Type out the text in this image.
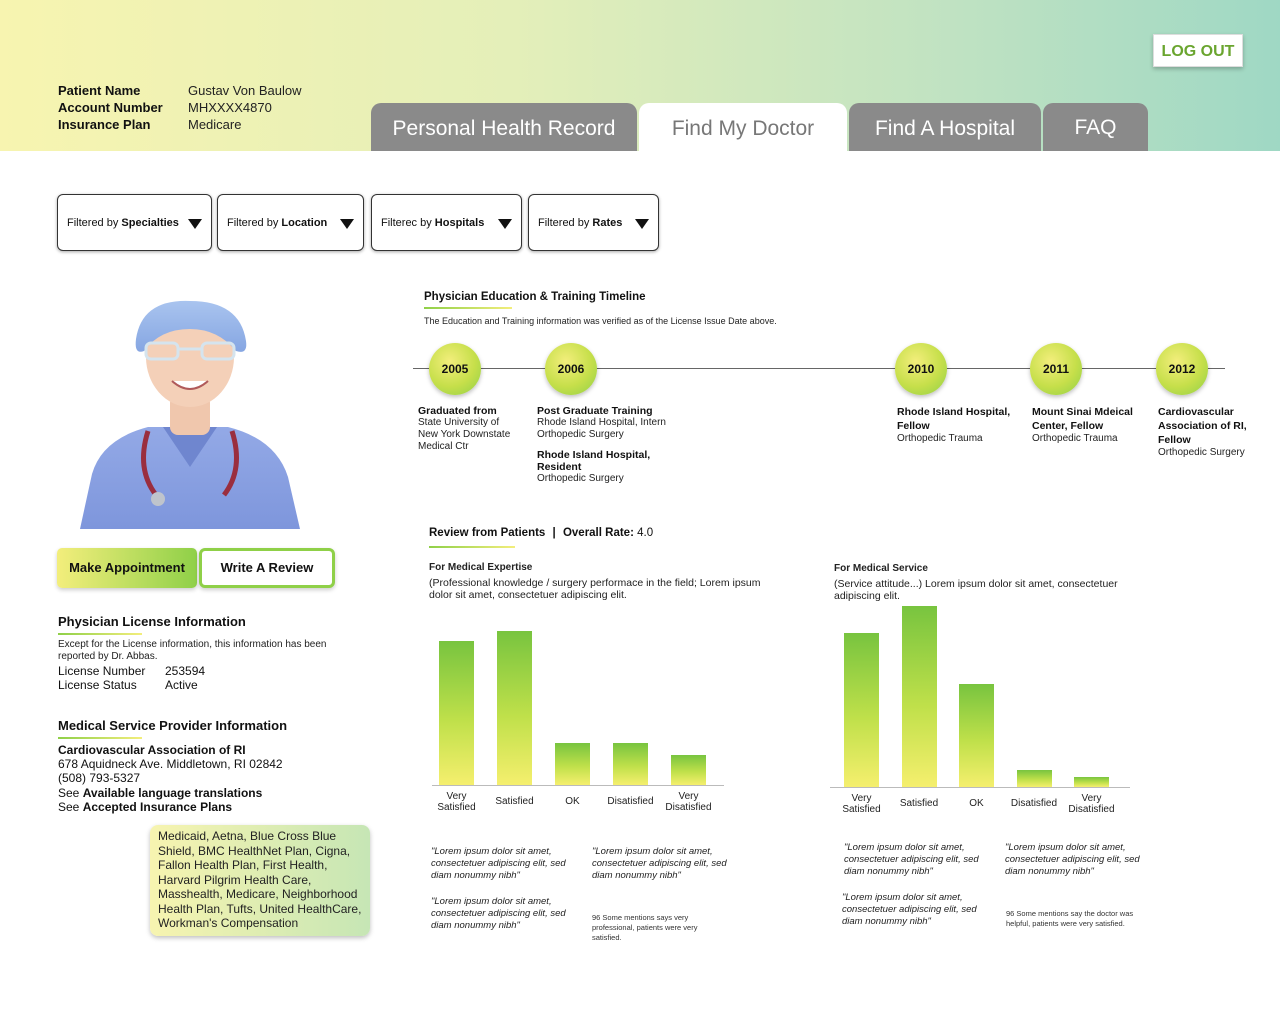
Patient Name	Gustav Von Baulow
Account Number MHXXXX4870
Insurance Plan	Medicare
LOG OUT
Personal Health Record	Find My Doctor	Find A Hospital	FAQ
Filtered by Specialties	Filtered by Location	Filterec by Hospitals	Filtered by Rates
Make Appointment	Write A Review
Physician License Information
Except for the License information, this information has been reported by Dr. Abbas.
License Number 253594
License Status Active
Medical Service Provider Information
Cardiovascular Association of RI
678 Aquidneck Ave. Middletown, RI 02842
(508) 793-5327
See Available language translations
See Accepted Insurance Plans
Medicaid, Aetna, Blue Cross Blue Shield, BMC HealthNet Plan, Cigna, Fallon Health Plan, First Health, Harvard Pilgrim Health Care, Masshealth, Medicare, Neighborhood Health Plan, Tufts, United HealthCare, Workman's Compensation
Physician Education & Training Timeline
The Education and Training information was verified as of the License Issue Date above.
2005	2006	2010	2011	2012
Graduated from
State University of New York Downstate Medical Ctr
Post Graduate Training
Rhode Island Hospital, Intern Orthopedic Surgery
Rhode Island Hospital, Resident
Orthopedic Surgery
Rhode Island Hospital, Fellow
Orthopedic Trauma
Mount Sinai Mdeical Center, Fellow
Orthopedic Trauma
Cardiovascular Association of RI, Fellow
Orthopedic Surgery
Review from Patients | Overall Rate: 4.0
For Medical Expertise
(Professional knowledge / surgery performace in the field; Lorem ipsum dolor sit amet, consectetuer adipiscing elit.
For Medical Service
(Service attitude...) Lorem ipsum dolor sit amet, consectetuer adipiscing elit.
Very Satisfied
Satisfied	OK	Disatisfied	Very Disatisfied
Very Satisfied
Satisfied	OK	Disatisfied	Very Disatisfied
"Lorem ipsum dolor sit amet, consectetuer adipiscing elit, sed diam nonummy nibh"
"Lorem ipsum dolor sit amet, consectetuer adipiscing elit, sed diam nonummy nibh"
"Lorem ipsum dolor sit amet, consectetuer adipiscing elit, sed diam nonummy nibh"
96 Some mentions says very professional, patients were very satisfied.
"Lorem ipsum dolor sit amet, consectetuer adipiscing elit, sed diam nonummy nibh"
"Lorem ipsum dolor sit amet, consectetuer adipiscing elit, sed diam nonummy nibh"
"Lorem ipsum dolor sit amet, consectetuer adipiscing elit, sed diam nonummy nibh"
96 Some mentions say the doctor was helpful, patients were very satisfied.
